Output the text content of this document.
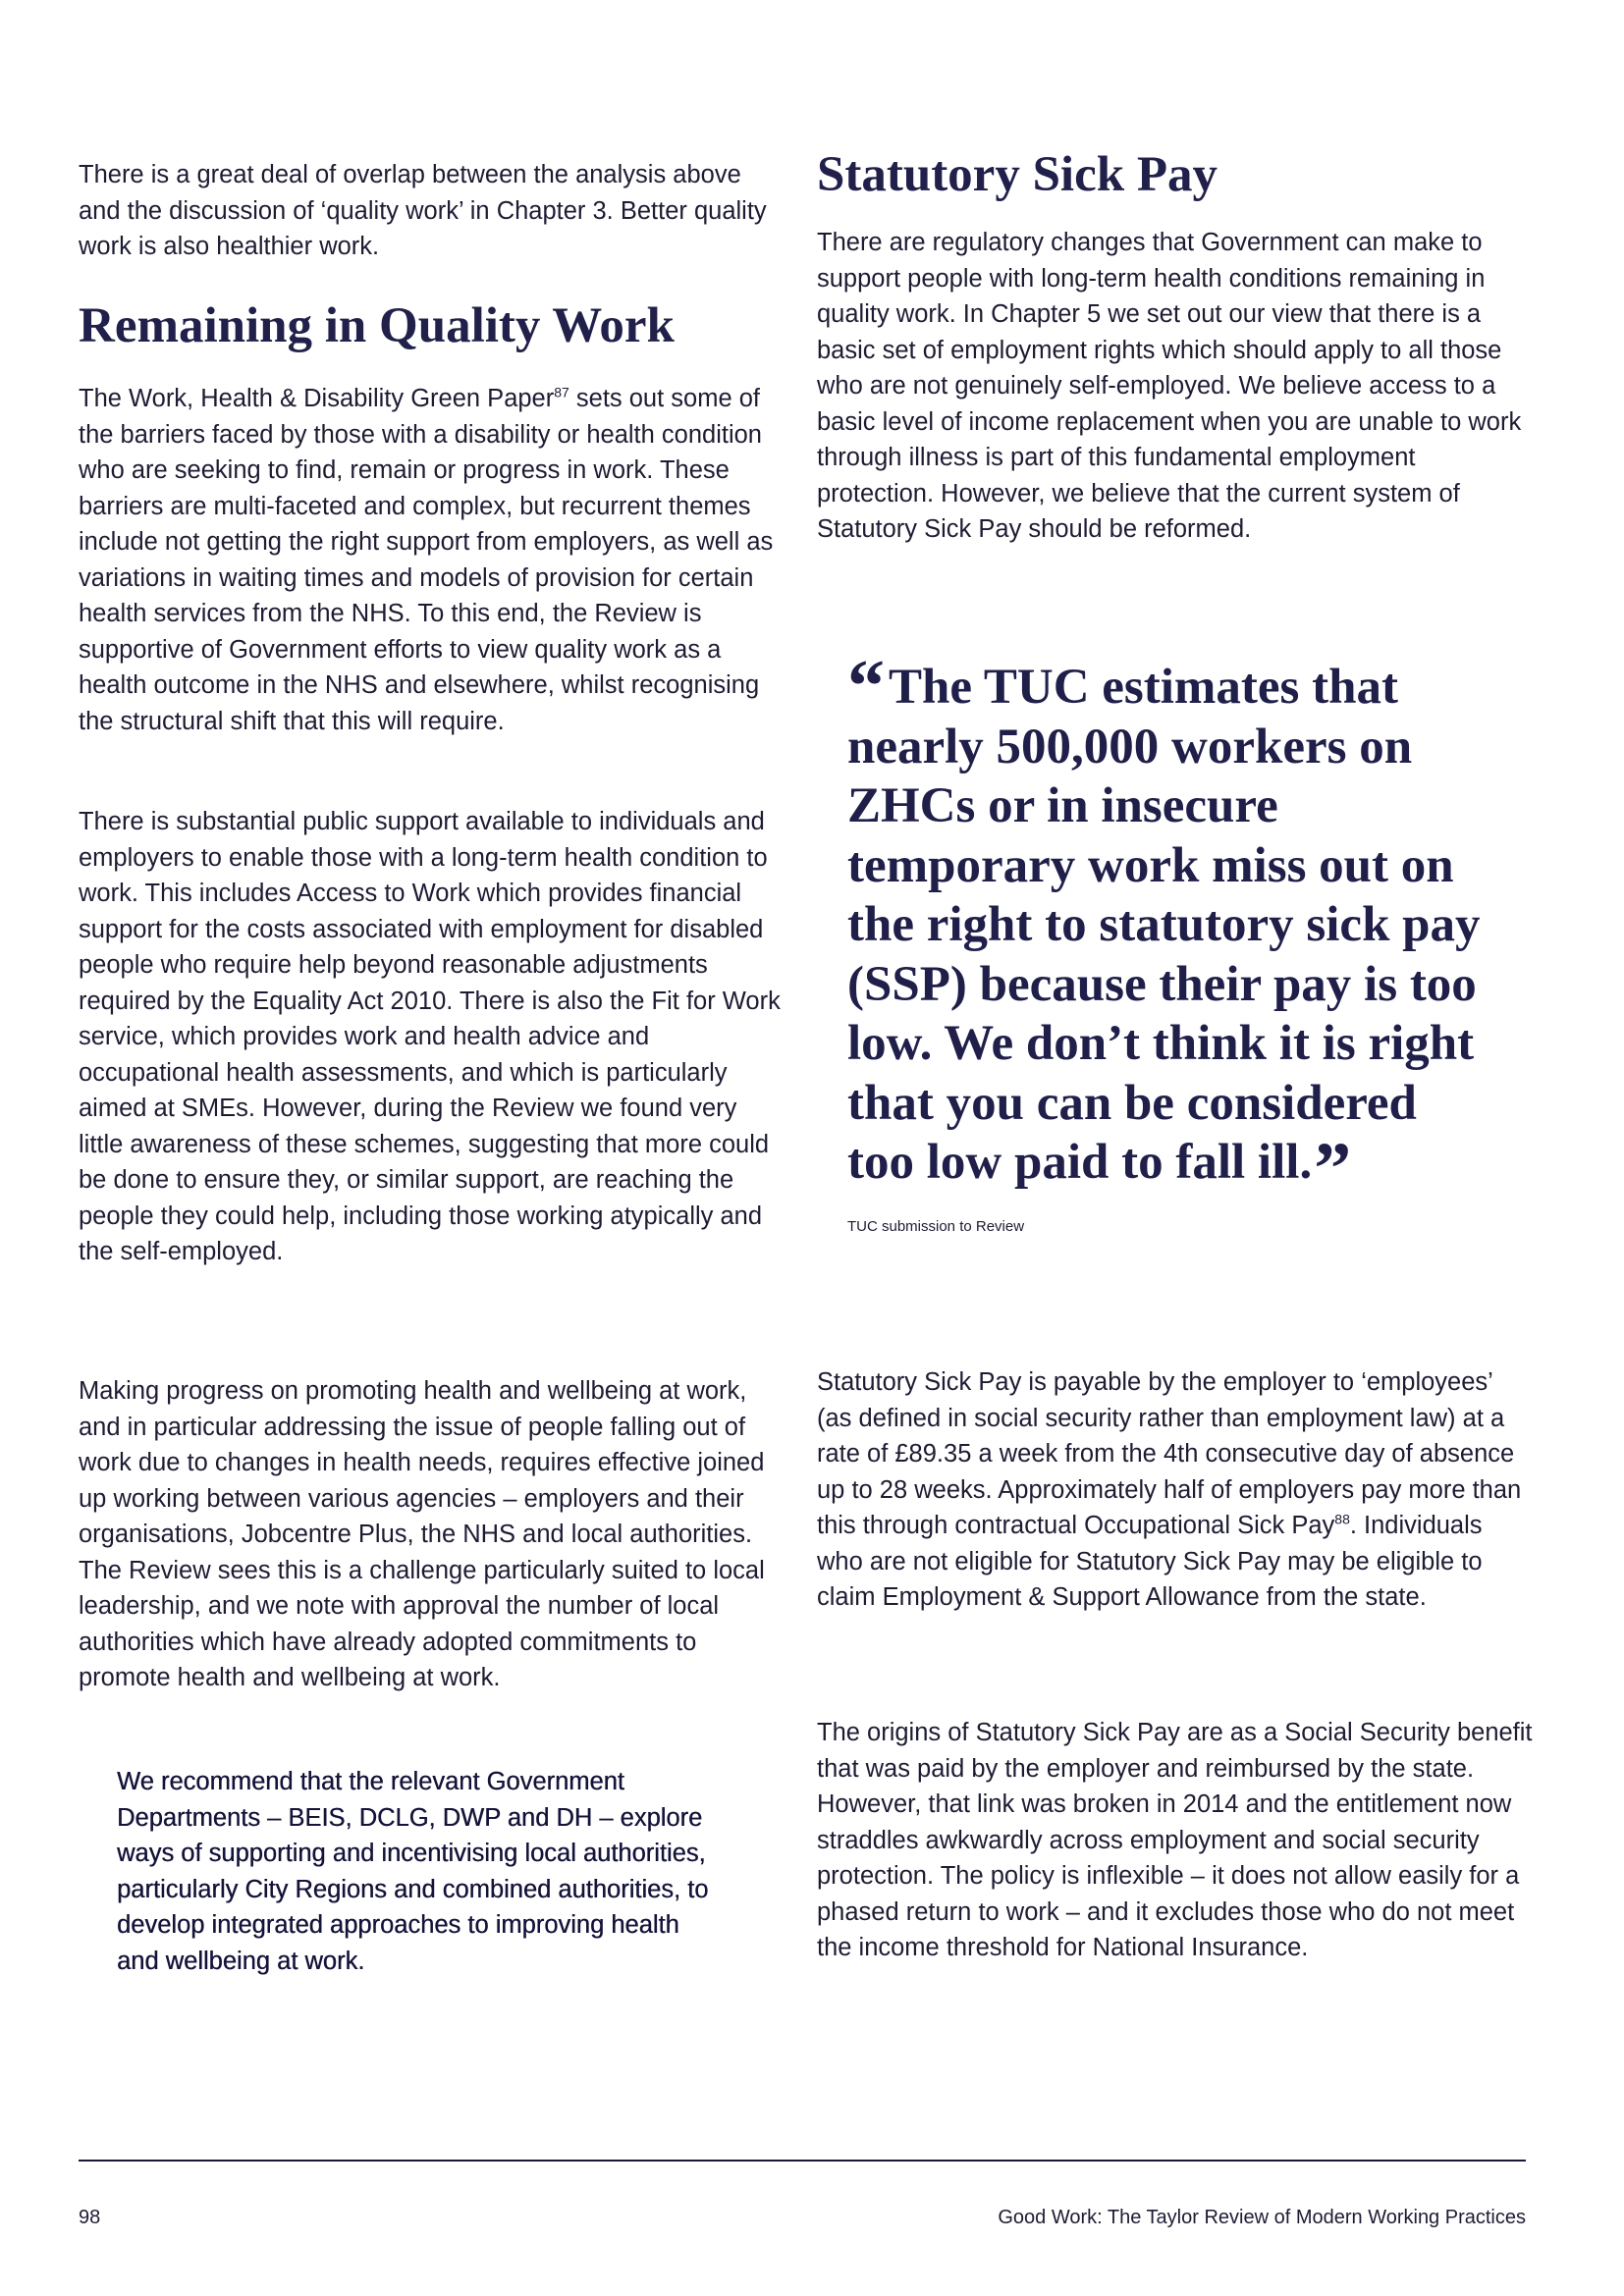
There is a great deal of overlap between the analysis above and the discussion of ‘quality work’ in Chapter 3. Better quality work is also healthier work.

Remaining in Quality Work

The Work, Health & Disability Green Paper$^{87}$ sets out some of the barriers faced by those with a disability or health condition who are seeking to find, remain or progress in work. These barriers are multi-faceted and complex, but recurrent themes include not getting the right support from employers, as well as variations in waiting times and models of provision for certain health services from the NHS. To this end, the Review is supportive of Government efforts to view quality work as a health outcome in the NHS and elsewhere, whilst recognising the structural shift that this will require.

There is substantial public support available to individuals and employers to enable those with a long-term health condition to work. This includes Access to Work which provides financial support for the costs associated with employment for disabled people who require help beyond reasonable adjustments required by the Equality Act 2010. There is also the Fit for Work service, which provides work and health advice and occupational health assessments, and which is particularly aimed at SMEs. However, during the Review we found very little awareness of these schemes, suggesting that more could be done to ensure they, or similar support, are reaching the people they could help, including those working atypically and the self-employed.

Making progress on promoting health and wellbeing at work, and in particular addressing the issue of people falling out of work due to changes in health needs, requires effective joined up working between various agencies – employers and their organisations, Jobcentre Plus, the NHS and local authorities. The Review sees this is a challenge particularly suited to local leadership, and we note with approval the number of local authorities which have already adopted commitments to promote health and wellbeing at work.

We recommend that the relevant Government Departments – BEIS, DCLG, DWP and DH – explore ways of supporting and incentivising local authorities, particularly City Regions and combined authorities, to develop integrated approaches to improving health and wellbeing at work.

Statutory Sick Pay

There are regulatory changes that Government can make to support people with long-term health conditions remaining in quality work. In Chapter 5 we set out our view that there is a basic set of employment rights which should apply to all those who are not genuinely self-employed. We believe access to a basic level of income replacement when you are unable to work through illness is part of this fundamental employment protection. However, we believe that the current system of Statutory Sick Pay should be reformed.

“The TUC estimates that nearly 500,000 workers on ZHCs or in insecure temporary work miss out on the right to statutory sick pay (SSP) because their pay is too low. We don’t think it is right that you can be considered too low paid to fall ill.”

TUC submission to Review

Statutory Sick Pay is payable by the employer to ‘employees’ (as defined in social security rather than employment law) at a rate of £89.35 a week from the 4th consecutive day of absence up to 28 weeks. Approximately half of employers pay more than this through contractual Occupational Sick Pay$^{88}$. Individuals who are not eligible for Statutory Sick Pay may be eligible to claim Employment & Support Allowance from the state.

The origins of Statutory Sick Pay are as a Social Security benefit that was paid by the employer and reimbursed by the state. However, that link was broken in 2014 and the entitlement now straddles awkwardly across employment and social security protection. The policy is inflexible – it does not allow easily for a phased return to work – and it excludes those who do not meet the income threshold for National Insurance.

98	Good Work: The Taylor Review of Modern Working Practices
